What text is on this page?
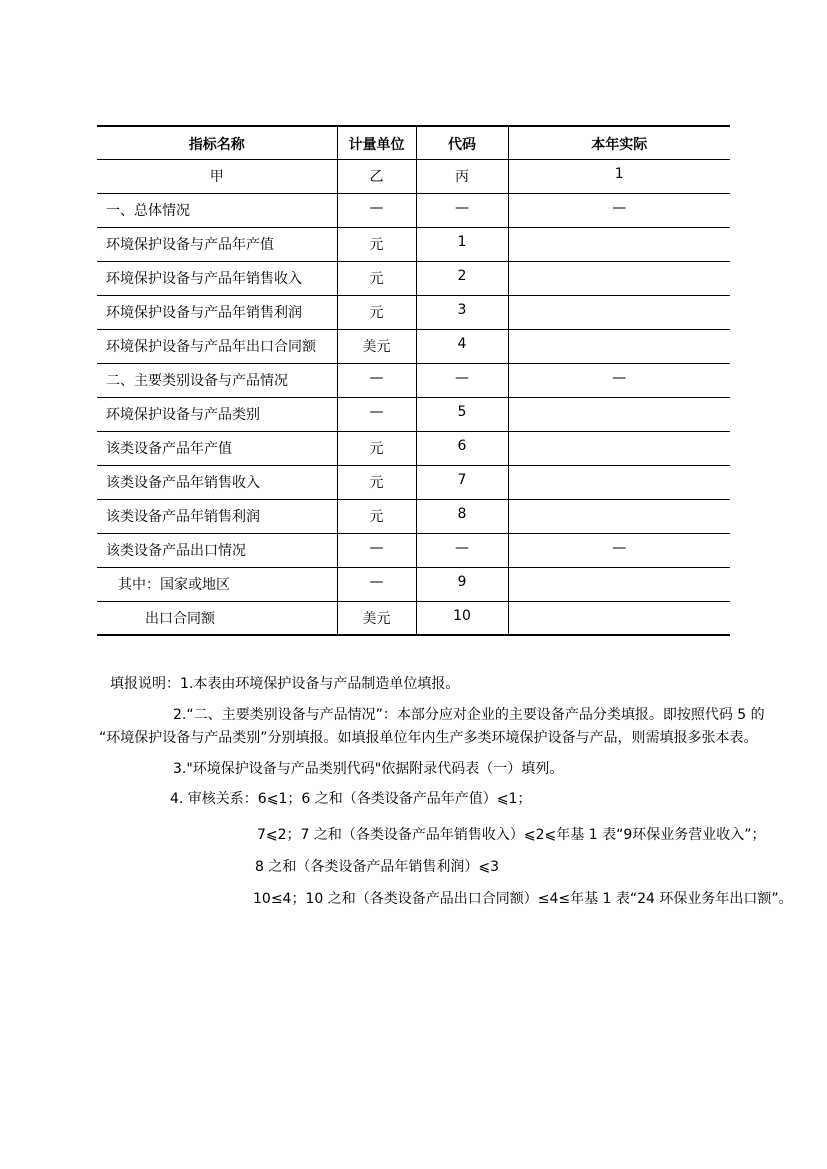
指标名称	计量单位	代码	本年实际
甲	乙	丙	1
一、总体情况	—	—	—
环境保护设备与产品年产值	元	1	
环境保护设备与产品年销售收入	元	2	
环境保护设备与产品年销售利润	元	3	
环境保护设备与产品年出口合同额	美元	4	
二、主要类别设备与产品情况	—	—	—
环境保护设备与产品类别	—	5	
该类设备产品年产值	元	6	
该类设备产品年销售收入	元	7	
该类设备产品年销售利润	元	8	
该类设备产品出口情况	—	—	—
其中：国家或地区	—	9	
出口合同额	美元	10	
填报说明：1.本表由环境保护设备与产品制造单位填报。
2.“二、主要类别设备与产品情况”：本部分应对企业的主要设备产品分类填报。即按照代码 5 的
“环境保护设备与产品类别”分别填报。如填报单位年内生产多类环境保护设备与产品，则需填报多张本表。
3."环境保护设备与产品类别代码"依据附录代码表（一）填列。
4. 审核关系：6⩽1；6 之和（各类设备产品年产值）⩽1；
7⩽2；7 之和（各类设备产品年销售收入）⩽2⩽年基 1 表“9环保业务营业收入”；
8 之和（各类设备产品年销售利润）⩽3
10≤4；10 之和（各类设备产品出口合同额）≤4≤年基 1 表“24 环保业务年出口额”。
